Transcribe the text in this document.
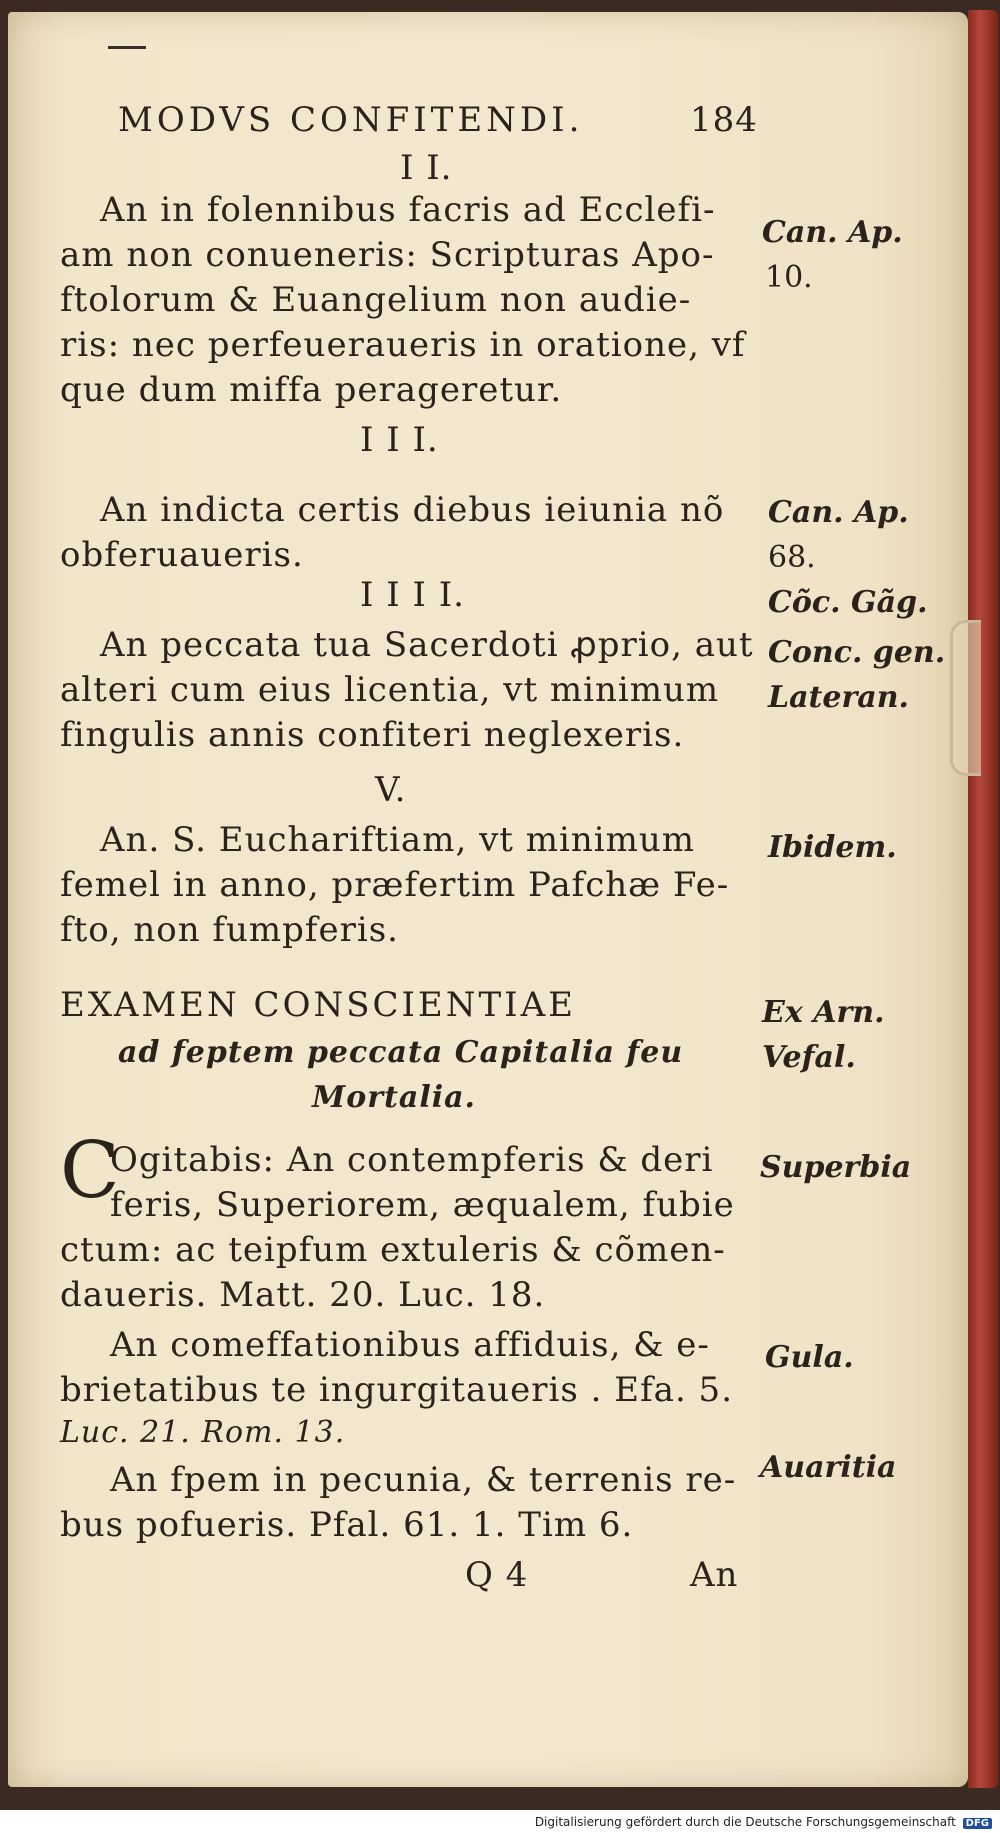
MODVS CONFITENDI.	184
I I.
An in folennibus facris ad Ecclefi-
am non conueneris: Scripturas Apo-
ftolorum & Euangelium non audie-
ris: nec perfeueraueris in oratione, vf
que dum miffa peragеretur.
I I I.
An indicta certis diebus ieiunia nõ
obferuaueris.
I I I I.
An peccata tua Sacerdoti ꝓprio, aut
alteri cum eius licentia, vt minimum
fingulis annis confiteri neglexeris.
V.
An. S. Euchariftiam, vt minimum
femel in anno, præfertim Pafchæ Fe-
fto, non fumpferis.
EXAMEN CONSCIENTIAE
ad feptem peccata Capitalia feu
Mortalia.
C
Ogitabis: An contempferis & deri
feris, Superiorem, æqualem, fubie
ctum: ac teipfum extuleris & cõmen-
daueris. Matt. 20. Luc. 18.
An comeffationibus affiduis, & e-
brietatibus te ingurgitaueris . Efa. 5.
Luc. 21. Rom. 13.
An fpem in pecunia, & terrenis re-
bus pofueris. Pfal. 61. 1. Tim 6.
Q 4	An
Can. Ap.
10.
Can. Ap.
68.
Cõc. Gãg.
Conc. gen.
Lateran.
Ibidem.
Ex Arn.
Vefal.
Superbia
Gula.
Auaritia
Digitalisierung gefördert durch die Deutsche Forschungsgemeinschaft DFG
